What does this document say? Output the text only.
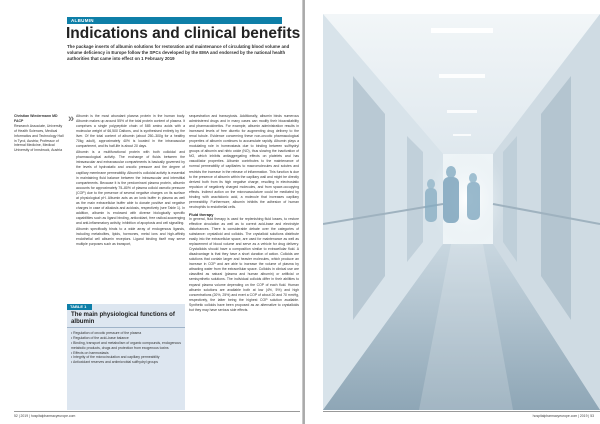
ALBUMIN
Indications and clinical benefits
The package inserts of albumin solutions for restoration and maintenance of circulating blood volume and volume deficiency in Europe follow the SPCs developed by the EMA and endorsed by the national health authorities that came into effect on 1 February 2019
Christian Wiedermann MD FACP
Research Associate, University of Health Sciences, Medical Informatics and Technology Hall in Tyrol, Austria; Professor of Internal Medicine, Medical University of Innsbruck, Austria
» Albumin is the most abundant plasma protein in the human body. Albumin makes up around 55% of the total protein content of plasma. It comprises a single polypeptide chain of 585 amino acids with a molecular weight of 66,500 Daltons, and is synthesised entirely by the liver. Of the total content of albumin (about 250–300g for a healthy 70kg adult), approximately 40% is located in the intravascular compartment, and its half-life is about 20 days.

Albumin is a multifunctional protein with both colloidal and pharmacological activity. The exchange of fluids between the intravascular and extravascular compartments is basically governed by the levels of hydrostatic and oncotic pressure and the degree of capillary membrane permeability. Albumin's colloidal activity is essential in maintaining fluid balance between the intravascular and interstitial compartments. Because it is the predominant plasma protein, albumin accounts for approximately 75–80% of plasma colloid osmotic pressure (COP) due to the presence of several negative charges on its surface at physiological pH. Albumin acts as an ionic buffer in plasma as well as the main extracellular buffer able to donate positive and negative charges in case of alkalosis and acidosis, respectively (see Table 1). In addition, albumin is endowed with diverse biologically specific capabilities such as ligand binding, antioxidant, free radical-scavenging and anti-inflammatory activity, inhibition of apoptosis and cell signalling.

Albumin specifically binds to a wide array of endogenous ligands, including metabolites, lipids, hormones, metal ions and high-affinity endothelial cell albumin receptors. Ligand binding itself may serve multiple purposes such as transport,

sequestration and transcytosis. Additionally, albumin binds numerous administered drugs and in many cases can modify their bioavailability and pharmacokinetics. For example, albumin administration results in increased levels of free diuretic for augmenting drug delivery to the renal tubule. Evidence concerning these non-oncotic pharmacological properties of albumin continues to accumulate rapidly. Albumin plays a modulating role in homeostasis due to binding between sulfhydryl groups of albumin and nitric oxide (NO), thus slowing the inactivation of NO, which inhibits antiaggregating effects on platelets and has vasodilator properties. Albumin contributes to the maintenance of normal permeability of capillaries to macromolecules and solutes and restricts the increase in the release of inflammation. This function is due to the presence of albumin within the capillary wall and might be directly derived both from its high negative charge, resulting in electrostatic repulsion of negatively charged molecules, and from space-occupying effects. Indirect action on the microvasculature could be mediated by binding with arachidonic acid, a molecule that increases capillary permeability. Furthermore, albumin inhibits the adhesion of human neutrophils to endothelial cells.

Fluid therapy

In general, fluid therapy is used for replenishing fluid losses, to restore effective circulation as well as to correct acid-base and electrolyte disturbances. There is considerable debate over the categories of substance: crystalloid and colloids. The crystalloid solutions distribute easily into the extracellular space, are used for maintenance as well as replacement of blood volume and serve as a vehicle for drug delivery. Crystalloids should have a composition similar to extracellular fluid. A disadvantage is that they have a short duration of action. Colloids are solutions that contain larger and heavier molecules, which produce an increase in COP and are able to increase the volume of plasma by attracting water from the extracellular space. Colloids in clinical use are classified as natural (plasma and human albumin) or artificial or semisynthetic solutions. The individual colloids differ in their abilities to expand plasma volume depending on the COP of each fluid. Human albumin solutions are available both at low (4%, 5%) and high concentrations (20%, 25%) and exert a COP of about 20 and 70 mmHg, respectively, the latter being the highest COP solution available. Synthetic colloids have been proposed as an alternative to crystalloids but they may have serious side effects.

TABLE 1
The main physiological functions of albumin
• Regulation of oncotic pressure of the plasma
• Regulation of the acid–base balance
• Binding, transport and metabolism of organic compounds, endogenous metabolic products, drugs and protection from exogenous toxins
• Effects on haemostasis
• Integrity of the microcirculation and capillary permeability
• Antioxidant reserves and antimicrobial sulfhydryl groups
52 | 2019 | hospitalpharmacyeurope.com	hospitalpharmacyeurope.com | 2019 | 53
